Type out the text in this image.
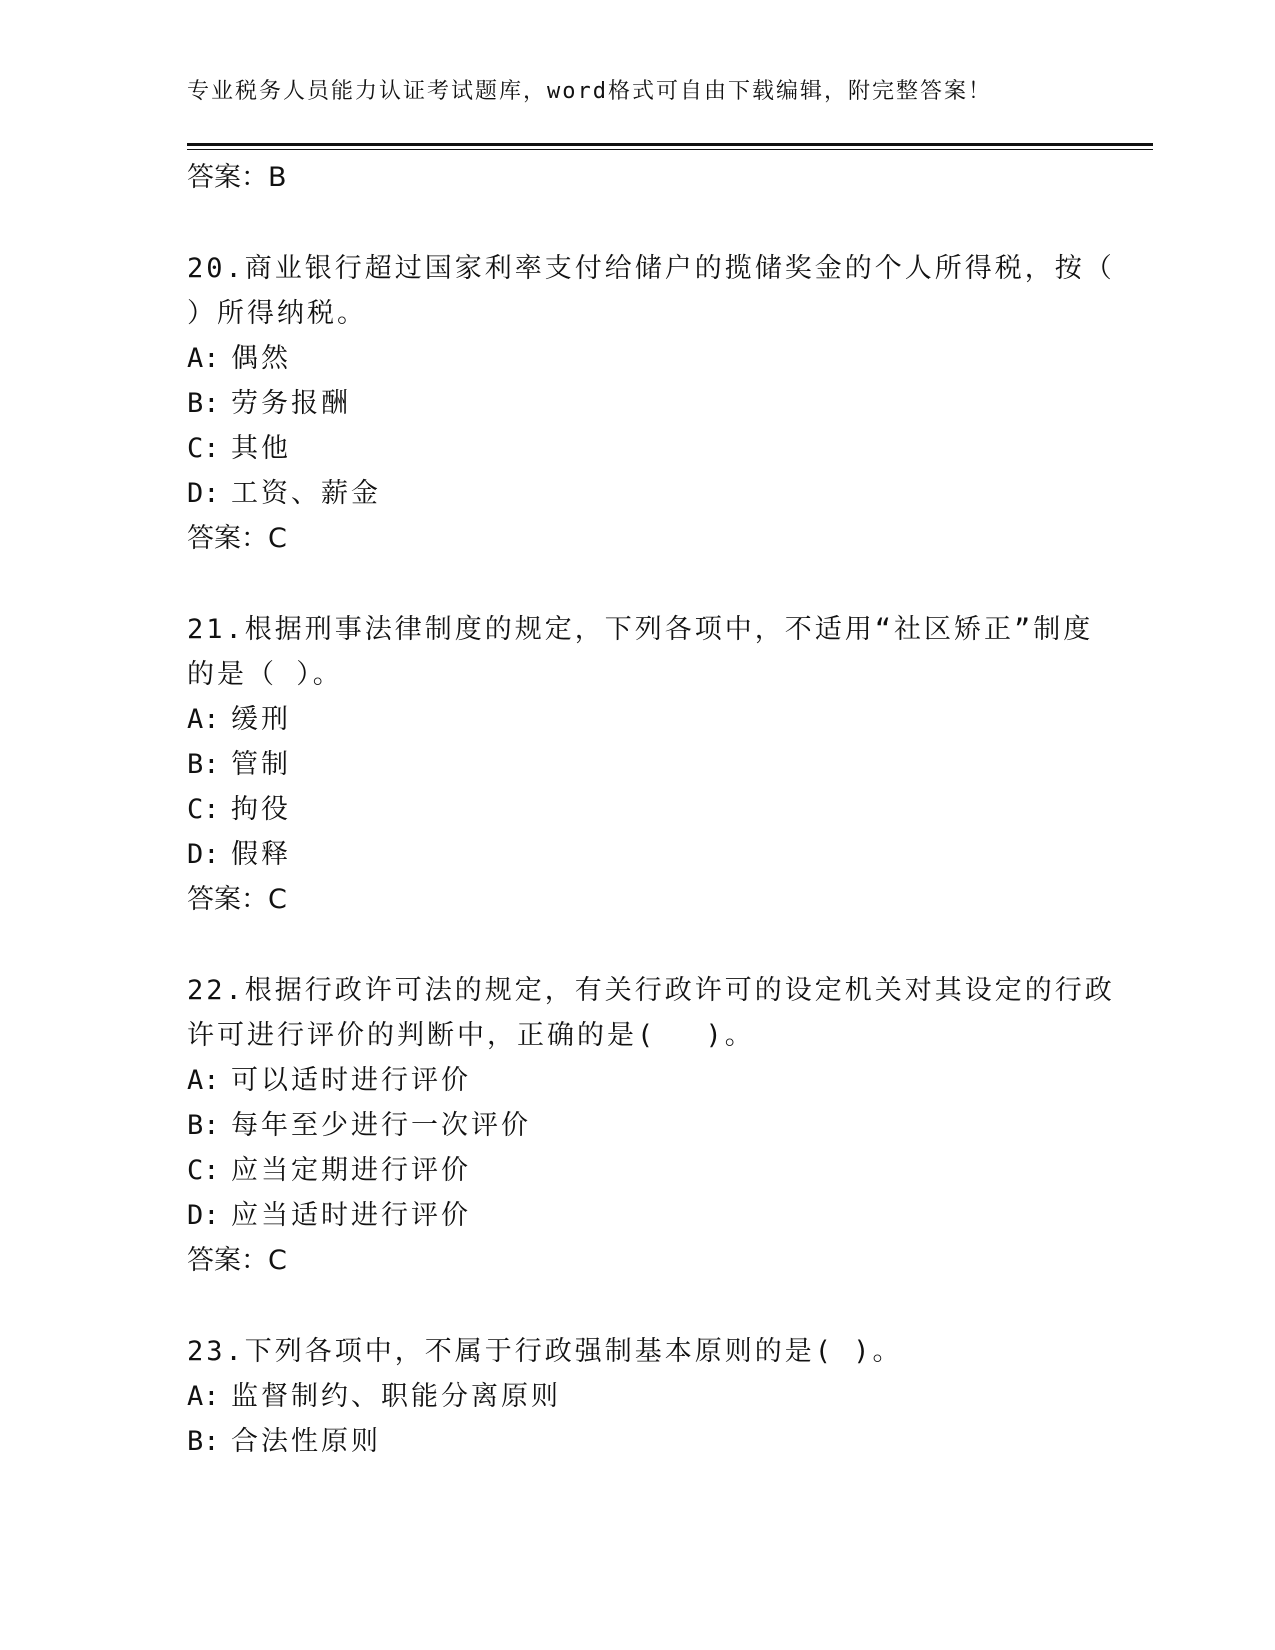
专业税务人员能力认证考试题库，word格式可自由下载编辑，附完整答案！
答案：B
20.商业银行超过国家利率支付给储户的揽储奖金的个人所得税，按（
）所得纳税。
A: 偶然
B: 劳务报酬
C: 其他
D: 工资、薪金
答案：C
21.根据刑事法律制度的规定，下列各项中，不适用“社区矫正”制度
的是（ ）。
A: 缓刑
B: 管制
C: 拘役
D: 假释
答案：C
22.根据行政许可法的规定，有关行政许可的设定机关对其设定的行政
许可进行评价的判断中，正确的是(　 )。
A: 可以适时进行评价
B: 每年至少进行一次评价
C: 应当定期进行评价
D: 应当适时进行评价
答案：C
23.下列各项中，不属于行政强制基本原则的是( )。
A: 监督制约、职能分离原则
B: 合法性原则
